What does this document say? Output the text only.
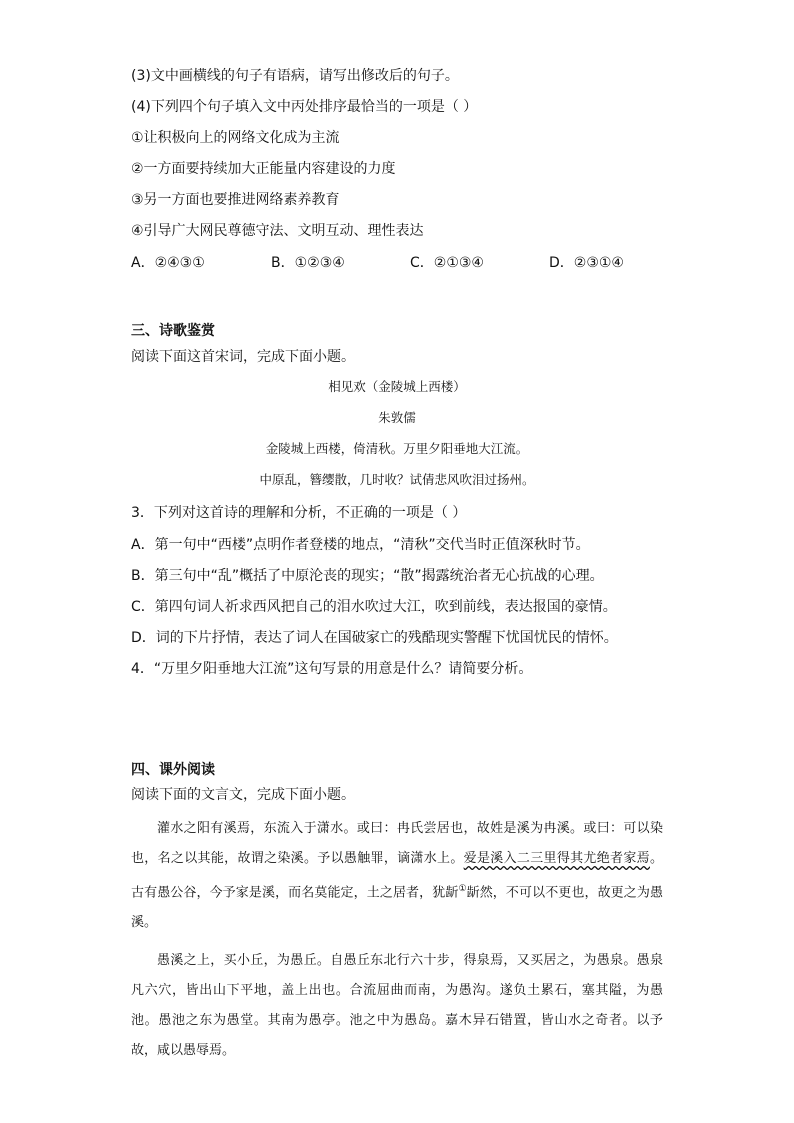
(3)文中画横线的句子有语病，请写出修改后的句子。
(4)下列四个句子填入文中丙处排序最恰当的一项是（ ）
①让积极向上的网络文化成为主流
②一方面要持续加大正能量内容建设的力度
③另一方面也要推进网络素养教育
④引导广大网民尊德守法、文明互动、理性表达
A．②④③①	B．①②③④	C．②①③④	D．②③①④
三、诗歌鉴赏
阅读下面这首宋词，完成下面小题。
相见欢（金陵城上西楼）
朱敦儒
金陵城上西楼，倚清秋。万里夕阳垂地大江流。
中原乱，簪缨散，几时收？试倩悲风吹泪过扬州。
3．下列对这首诗的理解和分析，不正确的一项是（ ）
A．第一句中“西楼”点明作者登楼的地点，“清秋”交代当时正值深秋时节。
B．第三句中“乱”概括了中原沦丧的现实；“散”揭露统治者无心抗战的心理。
C．第四句词人祈求西风把自己的泪水吹过大江，吹到前线，表达报国的豪情。
D．词的下片抒情，表达了词人在国破家亡的残酷现实警醒下忧国忧民的情怀。
4．“万里夕阳垂地大江流”这句写景的用意是什么？请简要分析。
四、课外阅读
阅读下面的文言文，完成下面小题。

灌水之阳有溪焉，东流入于潇水。或曰：冉氏尝居也，故姓是溪为冉溪。或曰：可以染也，名之以其能，故谓之染溪。予以愚触罪，谪潇水上。爱是溪入二三里得其尤绝者家焉。古有愚公谷，今予家是溪，而名莫能定，土之居者，犹龂①龂然，不可以不更也，故更之为愚溪。

愚溪之上，买小丘，为愚丘。自愚丘东北行六十步，得泉焉，又买居之，为愚泉。愚泉凡六穴，皆出山下平地，盖上出也。合流屈曲而南，为愚沟。遂负土累石，塞其隘，为愚池。愚池之东为愚堂。其南为愚亭。池之中为愚岛。嘉木异石错置，皆山水之奇者。以予故，咸以愚辱焉。
